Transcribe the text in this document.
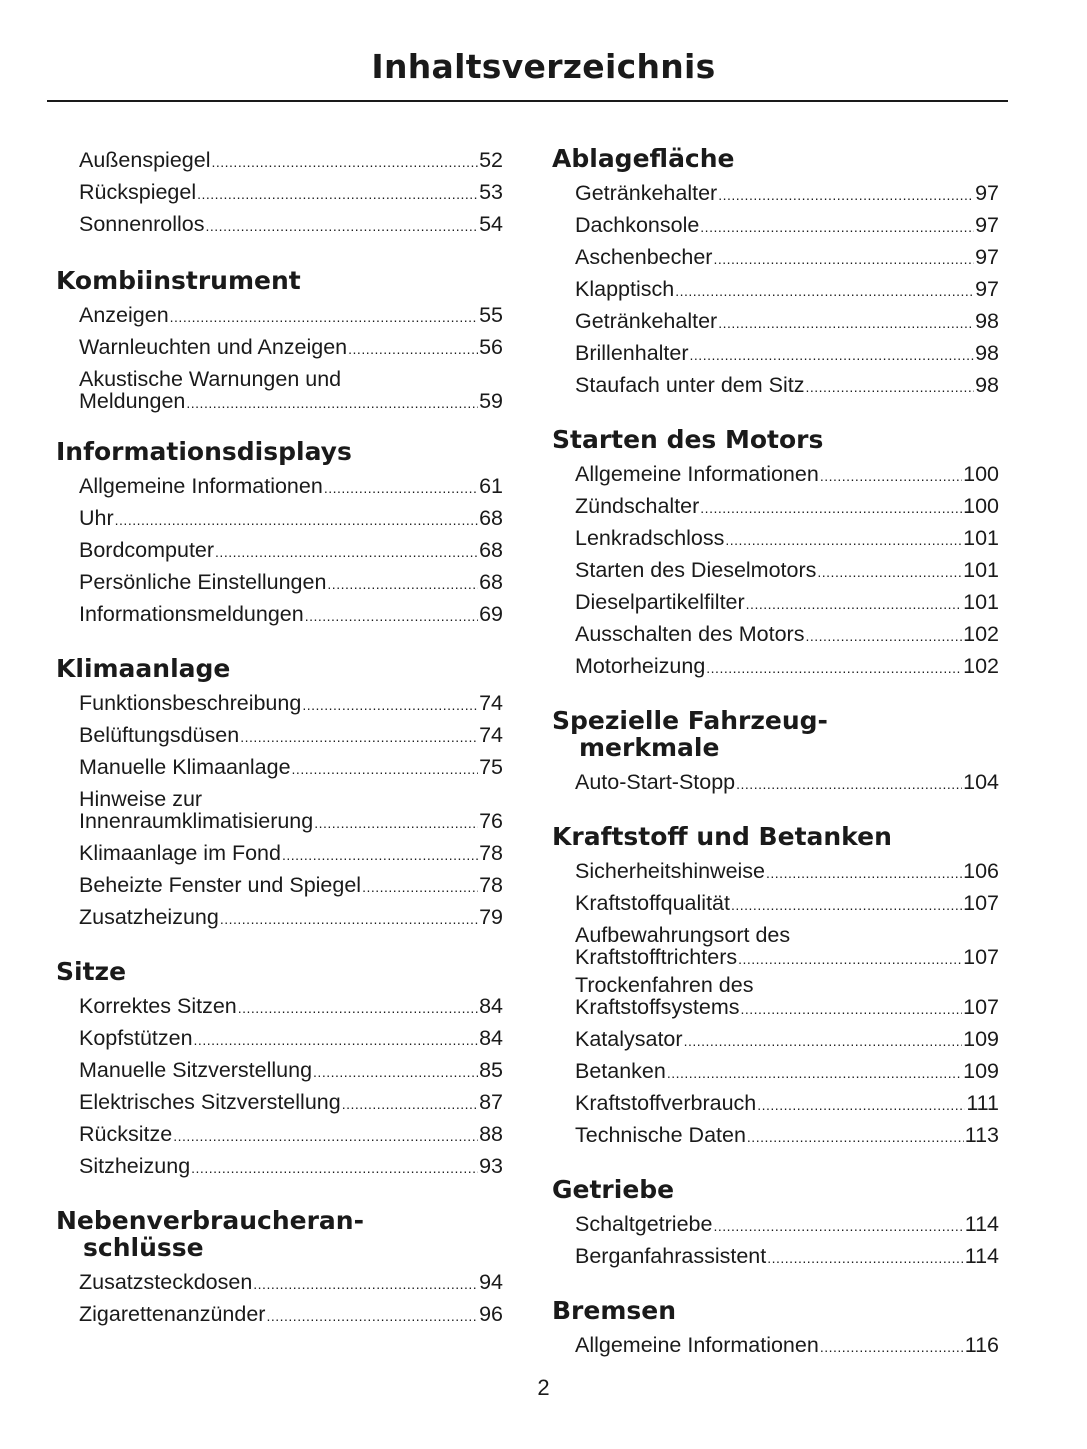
Inhaltsverzeichnis
Außenspiegel .....	52
Rückspiegel .....	53
Sonnenrollos .....	54
Kombiinstrument
Anzeigen .....	55
Warnleuchten und Anzeigen .....	56
Akustische Warnungen und
Meldungen .....	59
Informationsdisplays
Allgemeine Informationen .....	61
Uhr .....	68
Bordcomputer .....	68
Persönliche Einstellungen .....	68
Informationsmeldungen .....	69
Klimaanlage
Funktionsbeschreibung .....	74
Belüftungsdüsen .....	74
Manuelle Klimaanlage .....	75
Hinweise zur
Innenraumklimatisierung .....	76
Klimaanlage im Fond .....	78
Beheizte Fenster und Spiegel .....	78
Zusatzheizung .....	79
Sitze
Korrektes Sitzen .....	84
Kopfstützen .....	84
Manuelle Sitzverstellung .....	85
Elektrisches Sitzverstellung .....	87
Rücksitze .....	88
Sitzheizung .....	93
Nebenverbraucheran-schlüsse
Zusatzsteckdosen .....	94
Zigarettenanzünder .....	96
Ablagefläche
Getränkehalter .....	97
Dachkonsole .....	97
Aschenbecher .....	97
Klapptisch .....	97
Getränkehalter .....	98
Brillenhalter .....	98
Staufach unter dem Sitz .....	98
Starten des Motors
Allgemeine Informationen .....	100
Zündschalter .....	100
Lenkradschloss .....	101
Starten des Dieselmotors .....	101
Dieselpartikelfilter .....	101
Ausschalten des Motors .....	102
Motorheizung .....	102
Spezielle Fahrzeug-merkmale
Auto-Start-Stopp .....	104
Kraftstoff und Betanken
Sicherheitshinweise .....	106
Kraftstoffqualität .....	107
Aufbewahrungsort des
Kraftstofftrichters .....	107
Trockenfahren des
Kraftstoffsystems .....	107
Katalysator .....	109
Betanken .....	109
Kraftstoffverbrauch .....	111
Technische Daten .....	113
Getriebe
Schaltgetriebe .....	114
Berganfahrassistent .....	114
Bremsen
Allgemeine Informationen .....	116
2
